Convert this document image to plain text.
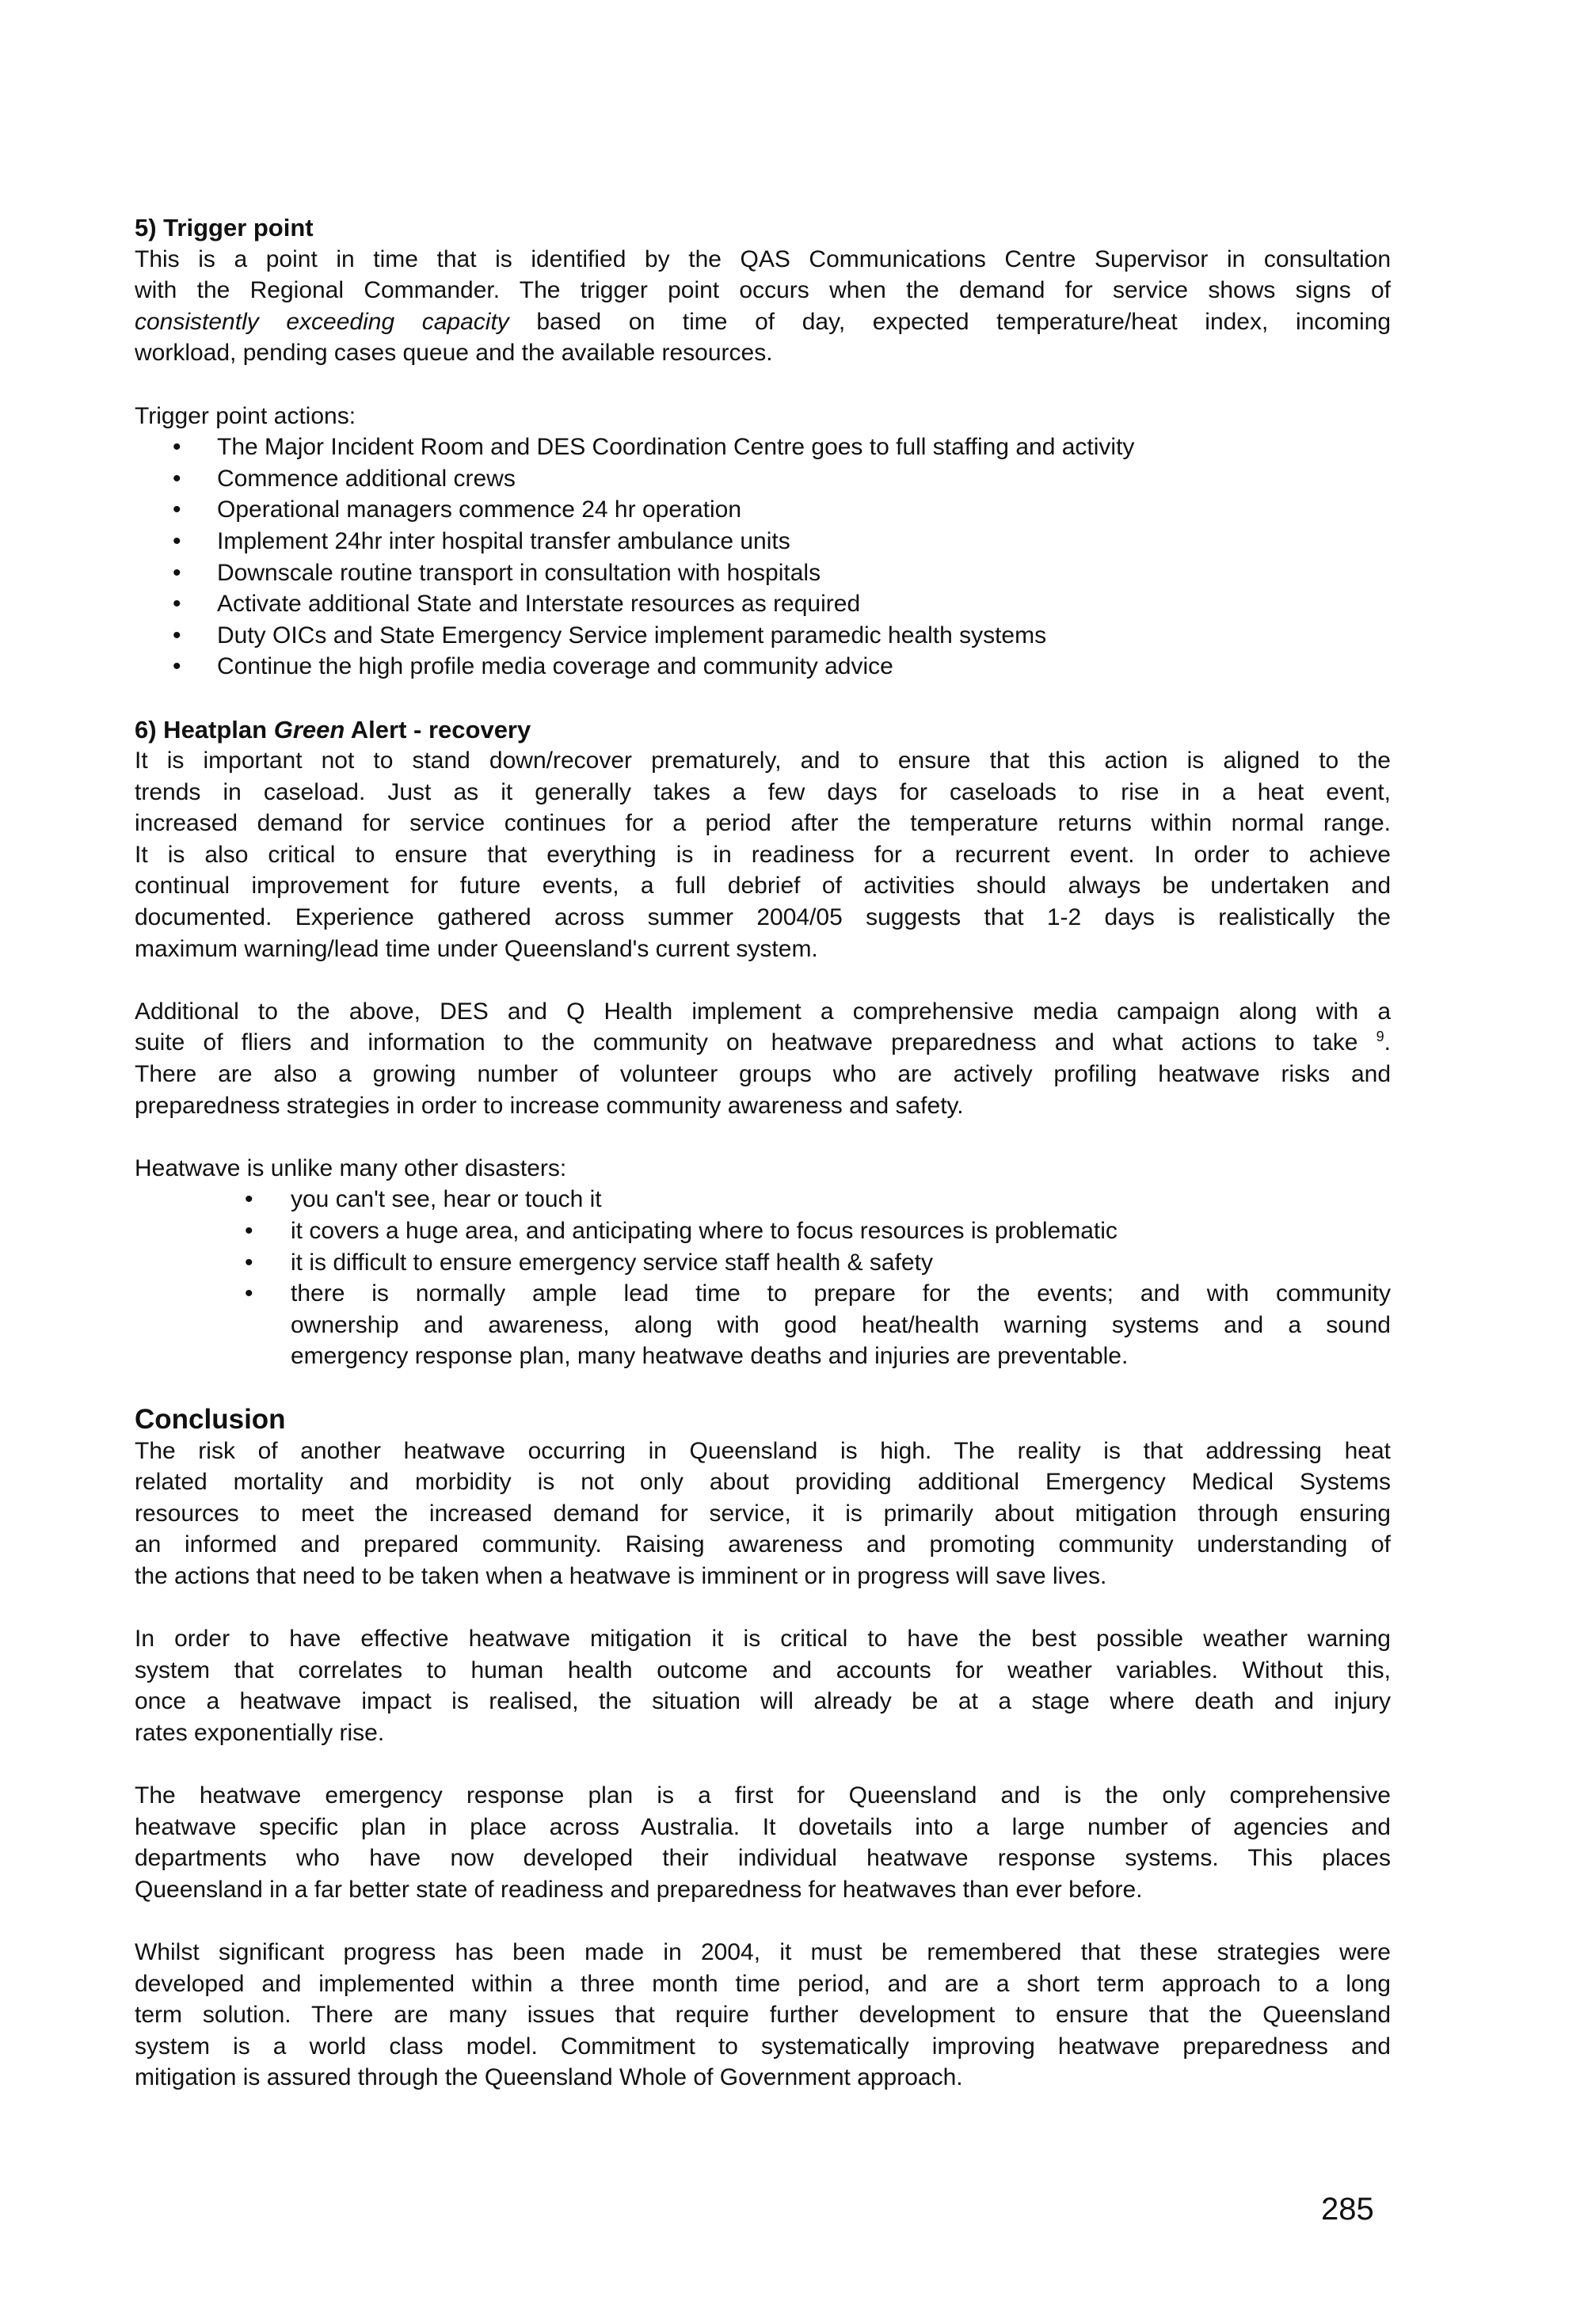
5) Trigger point
This is a point in time that is identified by the QAS Communications Centre Supervisor in consultation
with the Regional Commander. The trigger point occurs when the demand for service shows signs of
consistently exceeding capacity based on time of day, expected temperature/heat index, incoming
workload, pending cases queue and the available resources.
Trigger point actions:
• The Major Incident Room and DES Coordination Centre goes to full staffing and activity
• Commence additional crews
• Operational managers commence 24 hr operation
• Implement 24hr inter hospital transfer ambulance units
• Downscale routine transport in consultation with hospitals
• Activate additional State and Interstate resources as required
• Duty OICs and State Emergency Service implement paramedic health systems
• Continue the high profile media coverage and community advice
6) Heatplan Green Alert - recovery
It is important not to stand down/recover prematurely, and to ensure that this action is aligned to the
trends in caseload. Just as it generally takes a few days for caseloads to rise in a heat event,
increased demand for service continues for a period after the temperature returns within normal range.
It is also critical to ensure that everything is in readiness for a recurrent event. In order to achieve
continual improvement for future events, a full debrief of activities should always be undertaken and
documented. Experience gathered across summer 2004/05 suggests that 1-2 days is realistically the
maximum warning/lead time under Queensland's current system.
Additional to the above, DES and Q Health implement a comprehensive media campaign along with a
suite of fliers and information to the community on heatwave preparedness and what actions to take $^9$.
There are also a growing number of volunteer groups who are actively profiling heatwave risks and
preparedness strategies in order to increase community awareness and safety.
Heatwave is unlike many other disasters:
• you can't see, hear or touch it
• it covers a huge area, and anticipating where to focus resources is problematic
• it is difficult to ensure emergency service staff health & safety
• there is normally ample lead time to prepare for the events; and with community
ownership and awareness, along with good heat/health warning systems and a sound
emergency response plan, many heatwave deaths and injuries are preventable.
Conclusion
The risk of another heatwave occurring in Queensland is high. The reality is that addressing heat
related mortality and morbidity is not only about providing additional Emergency Medical Systems
resources to meet the increased demand for service, it is primarily about mitigation through ensuring
an informed and prepared community. Raising awareness and promoting community understanding of
the actions that need to be taken when a heatwave is imminent or in progress will save lives.
In order to have effective heatwave mitigation it is critical to have the best possible weather warning
system that correlates to human health outcome and accounts for weather variables. Without this,
once a heatwave impact is realised, the situation will already be at a stage where death and injury
rates exponentially rise.
The heatwave emergency response plan is a first for Queensland and is the only comprehensive
heatwave specific plan in place across Australia. It dovetails into a large number of agencies and
departments who have now developed their individual heatwave response systems. This places
Queensland in a far better state of readiness and preparedness for heatwaves than ever before.
Whilst significant progress has been made in 2004, it must be remembered that these strategies were
developed and implemented within a three month time period, and are a short term approach to a long
term solution. There are many issues that require further development to ensure that the Queensland
system is a world class model. Commitment to systematically improving heatwave preparedness and
mitigation is assured through the Queensland Whole of Government approach.
285
